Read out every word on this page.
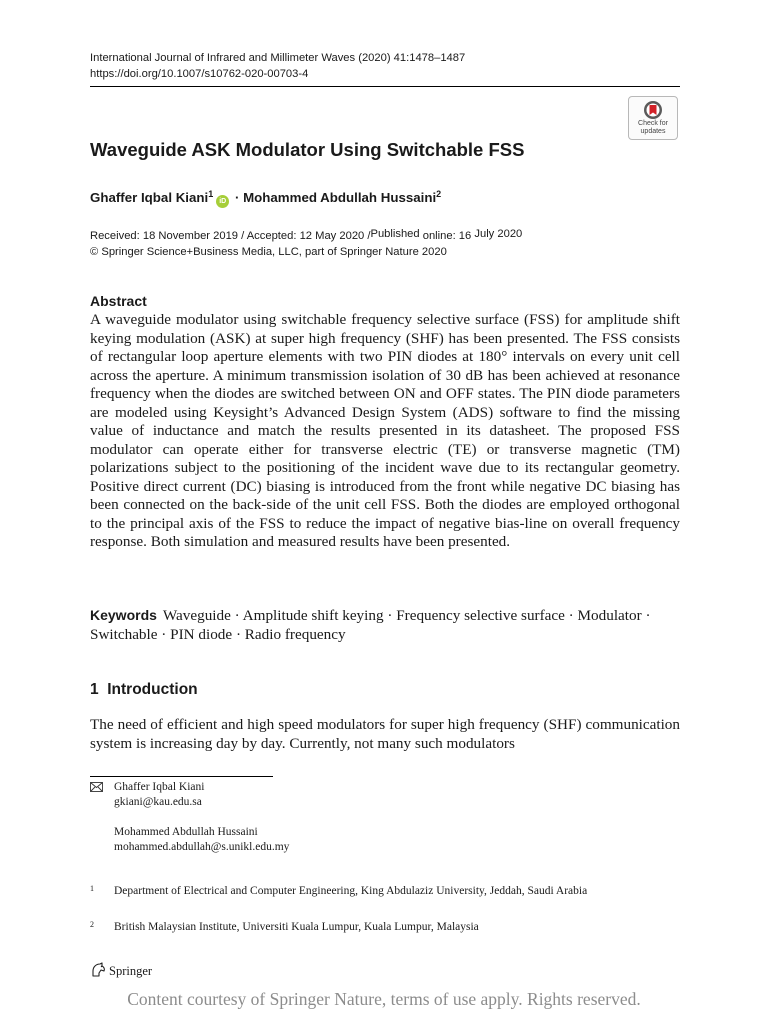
International Journal of Infrared and Millimeter Waves (2020) 41:1478–1487
https://doi.org/10.1007/s10762-020-00703-4
Check for
updates
Waveguide ASK Modulator Using Switchable FSS
Ghaffer Iqbal Kiani$^1$iD · Mohammed Abdullah Hussaini$^2$
Received: 18 November 2019 / Accepted: 12 May 2020 /Published online: 16 July 2020
© Springer Science+Business Media, LLC, part of Springer Nature 2020
Abstract

A waveguide modulator using switchable frequency selective surface (FSS) for amplitude shift keying modulation (ASK) at super high frequency (SHF) has been presented. The FSS consists of rectangular loop aperture elements with two PIN diodes at 180° intervals on every unit cell across the aperture. A minimum transmission isolation of 30 dB has been achieved at resonance frequency when the diodes are switched between ON and OFF states. The PIN diode parameters are modeled using Keysight’s Advanced Design System (ADS) software to find the missing value of inductance and match the results presented in its datasheet. The proposed FSS modulator can operate either for transverse electric (TE) or transverse magnetic (TM) polarizations subject to the positioning of the incident wave due to its rectangular geometry. Positive direct current (DC) biasing is introduced from the front while negative DC biasing has been connected on the back-side of the unit cell FSS. Both the diodes are employed orthogonal to the principal axis of the FSS to reduce the impact of negative bias-line on overall frequency response. Both simulation and measured results have been presented.

Keywords Waveguide · Amplitude shift keying · Frequency selective surface · Modulator · Switchable · PIN diode · Radio frequency
1  Introduction

The need of efficient and high speed modulators for super high frequency (SHF) communication system is increasing day by day. Currently, not many such modulators

Ghaffer Iqbal Kiani
gkiani@kau.edu.sa
Mohammed Abdullah Hussaini
mohammed.abdullah@s.unikl.edu.my
1 Department of Electrical and Computer Engineering, King Abdulaziz University, Jeddah, Saudi Arabia
2 British Malaysian Institute, Universiti Kuala Lumpur, Kuala Lumpur, Malaysia
Springer
Content courtesy of Springer Nature, terms of use apply. Rights reserved.
